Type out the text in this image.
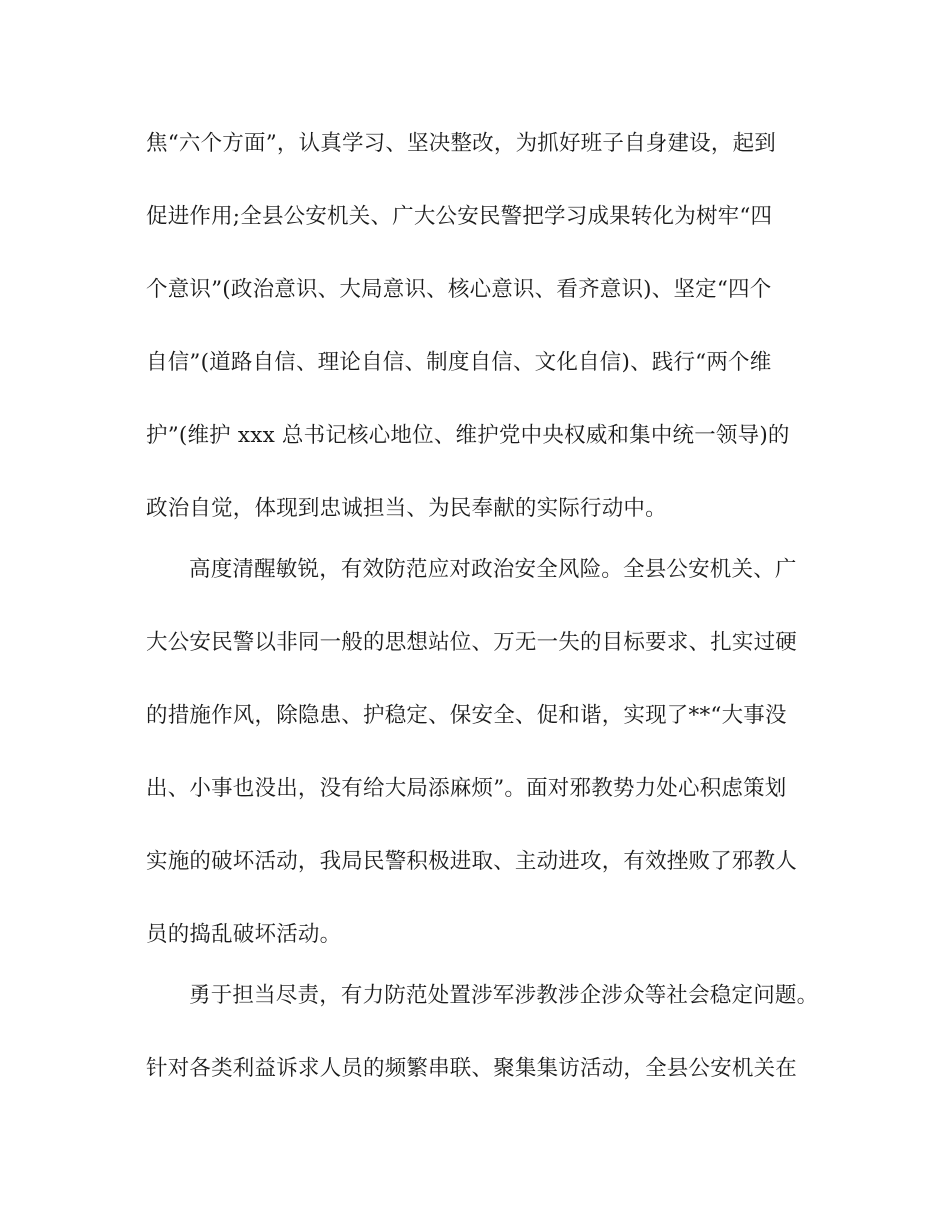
焦“六个方面”，认真学习、坚决整改，为抓好班子自身建设，起到
促进作用;全县公安机关、广大公安民警把学习成果转化为树牢“四
个意识”(政治意识、大局意识、核心意识、看齐意识)、坚定“四个
自信”(道路自信、理论自信、制度自信、文化自信)、践行“两个维
护”(维护 xxx 总书记核心地位、维护党中央权威和集中统一领导)的
政治自觉，体现到忠诚担当、为民奉献的实际行动中。
高度清醒敏锐，有效防范应对政治安全风险。全县公安机关、广
大公安民警以非同一般的思想站位、万无一失的目标要求、扎实过硬
的措施作风，除隐患、护稳定、保安全、促和谐，实现了**“大事没
出、小事也没出，没有给大局添麻烦”。面对邪教势力处心积虑策划
实施的破坏活动，我局民警积极进取、主动进攻，有效挫败了邪教人
员的捣乱破坏活动。
勇于担当尽责，有力防范处置涉军涉教涉企涉众等社会稳定问题。
针对各类利益诉求人员的频繁串联、聚集集访活动，全县公安机关在
